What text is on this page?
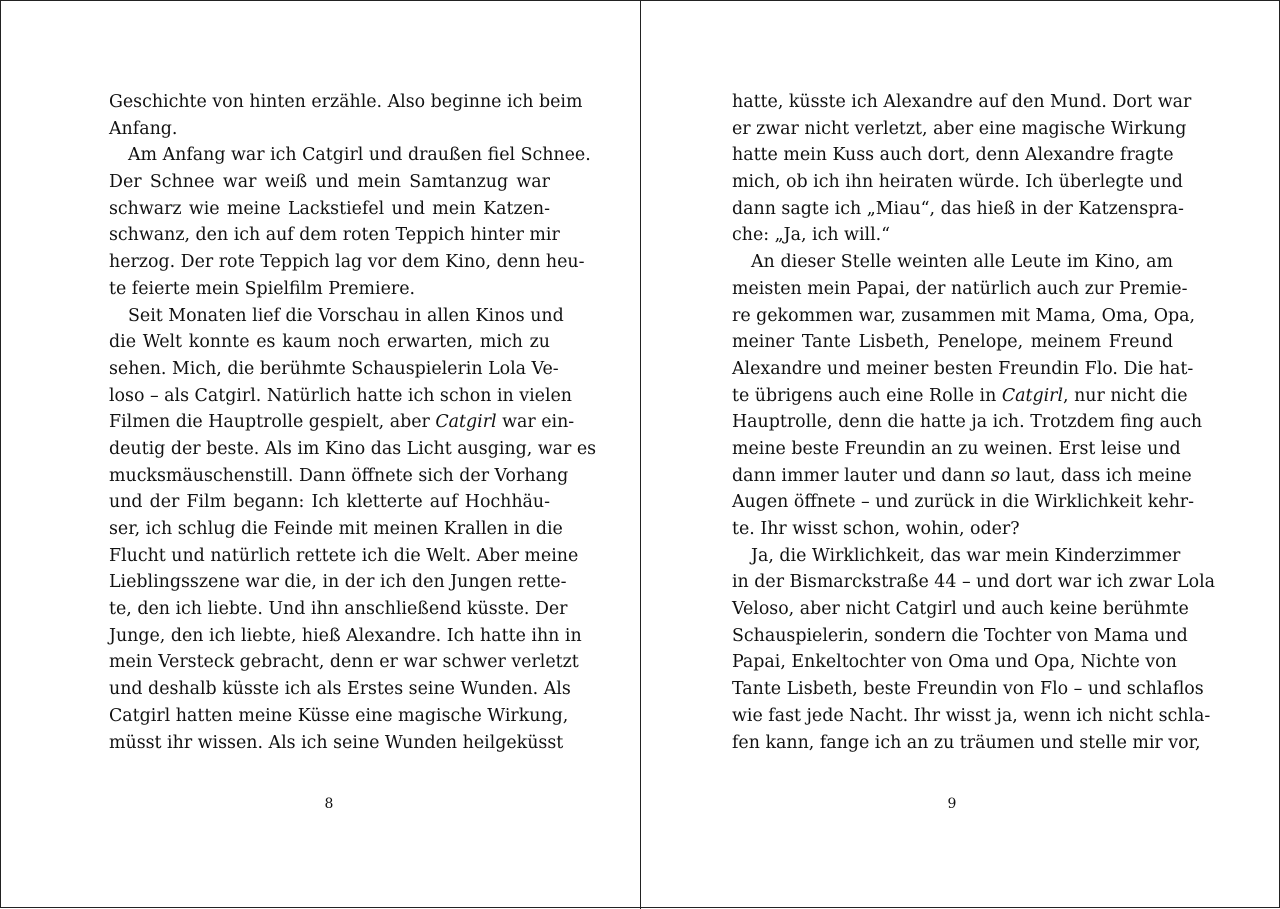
Geschichte von hinten erzähle. Also beginne ich beim
Anfang.
Am Anfang war ich Catgirl und draußen fiel Schnee.
Der Schnee war weiß und mein Samtanzug war
schwarz wie meine Lackstiefel und mein Katzen-
schwanz, den ich auf dem roten Teppich hinter mir
herzog. Der rote Teppich lag vor dem Kino, denn heu-
te feierte mein Spielfilm Premiere.
Seit Monaten lief die Vorschau in allen Kinos und
die Welt konnte es kaum noch erwarten, mich zu
sehen. Mich, die berühmte Schauspielerin Lola Ve-
loso – als Catgirl. Natürlich hatte ich schon in vielen
Filmen die Hauptrolle gespielt, aber Catgirl war ein-
deutig der beste. Als im Kino das Licht ausging, war es
mucksmäuschenstill. Dann öffnete sich der Vorhang
und der Film begann: Ich kletterte auf Hochhäu-
ser, ich schlug die Feinde mit meinen Krallen in die
Flucht und natürlich rettete ich die Welt. Aber meine
Lieblingsszene war die, in der ich den Jungen rette-
te, den ich liebte. Und ihn anschließend küsste. Der
Junge, den ich liebte, hieß Alexandre. Ich hatte ihn in
mein Versteck gebracht, denn er war schwer verletzt
und deshalb küsste ich als Erstes seine Wunden. Als
Catgirl hatten meine Küsse eine magische Wirkung,
müsst ihr wissen. Als ich seine Wunden heilgeküsst
8
hatte, küsste ich Alexandre auf den Mund. Dort war
er zwar nicht verletzt, aber eine magische Wirkung
hatte mein Kuss auch dort, denn Alexandre fragte
mich, ob ich ihn heiraten würde. Ich überlegte und
dann sagte ich „Miau“, das hieß in der Katzenspra-
che: „Ja, ich will.“
An dieser Stelle weinten alle Leute im Kino, am
meisten mein Papai, der natürlich auch zur Premie-
re gekommen war, zusammen mit Mama, Oma, Opa,
meiner Tante Lisbeth, Penelope, meinem Freund
Alexandre und meiner besten Freundin Flo. Die hat-
te übrigens auch eine Rolle in Catgirl, nur nicht die
Hauptrolle, denn die hatte ja ich. Trotzdem fing auch
meine beste Freundin an zu weinen. Erst leise und
dann immer lauter und dann so laut, dass ich meine
Augen öffnete – und zurück in die Wirklichkeit kehr-
te. Ihr wisst schon, wohin, oder?
Ja, die Wirklichkeit, das war mein Kinderzimmer
in der Bismarckstraße 44 – und dort war ich zwar Lola
Veloso, aber nicht Catgirl und auch keine berühmte
Schauspielerin, sondern die Tochter von Mama und
Papai, Enkeltochter von Oma und Opa, Nichte von
Tante Lisbeth, beste Freundin von Flo – und schlaflos
wie fast jede Nacht. Ihr wisst ja, wenn ich nicht schla-
fen kann, fange ich an zu träumen und stelle mir vor,
9
